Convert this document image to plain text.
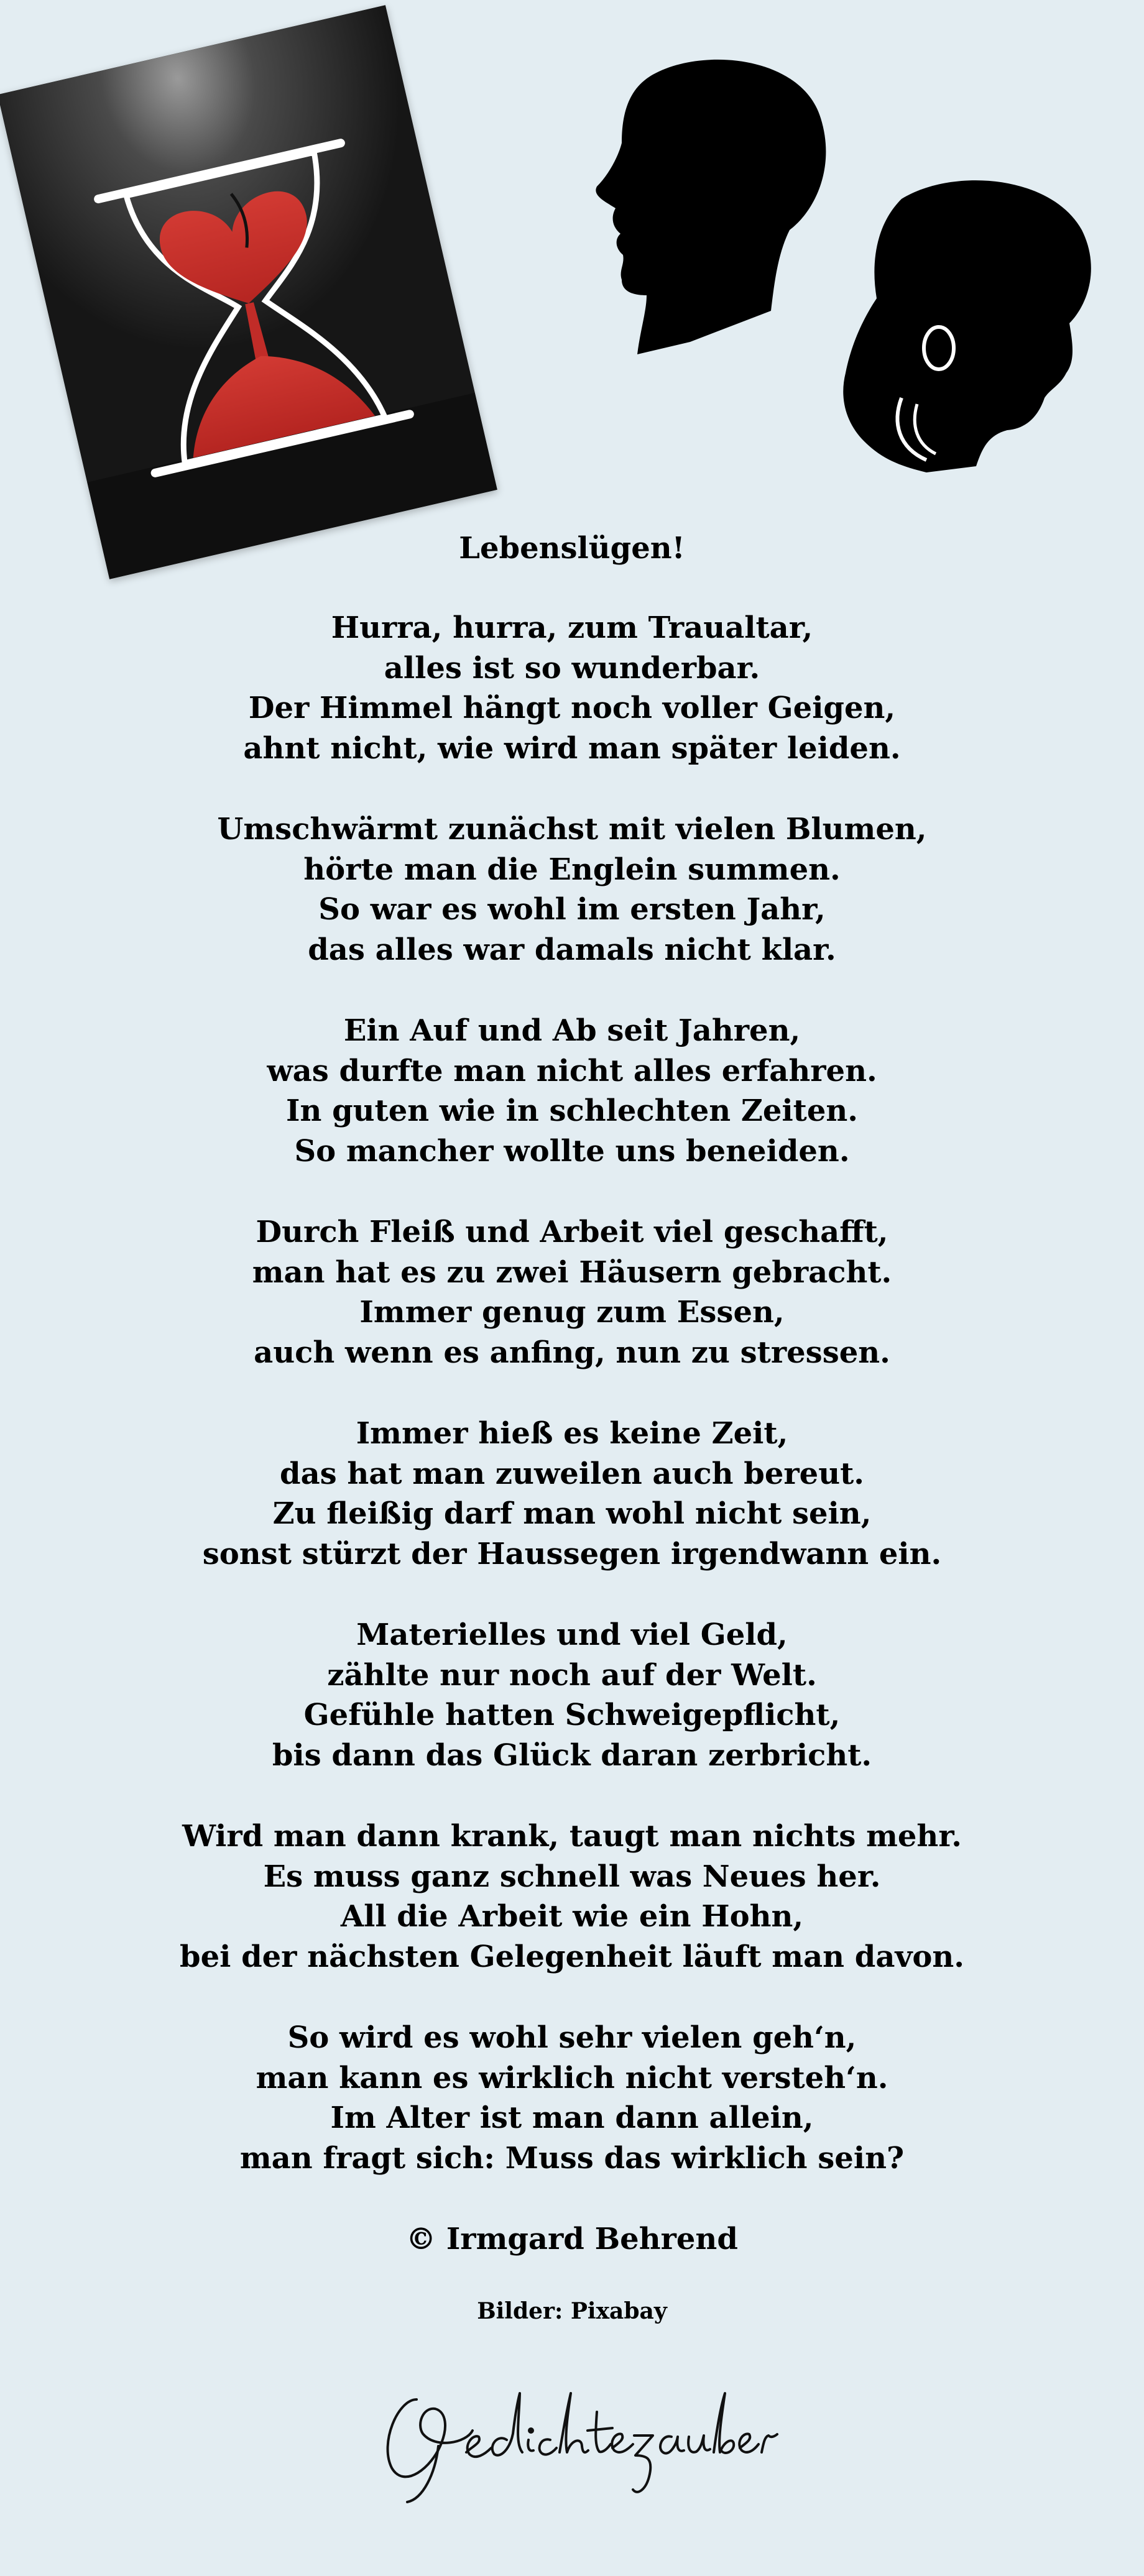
Lebenslügen!
Hurra, hurra, zum Traualtar,
alles ist so wunderbar.
Der Himmel hängt noch voller Geigen,
ahnt nicht, wie wird man später leiden.
Umschwärmt zunächst mit vielen Blumen,
hörte man die Englein summen.
So war es wohl im ersten Jahr,
das alles war damals nicht klar.
Ein Auf und Ab seit Jahren,
was durfte man nicht alles erfahren.
In guten wie in schlechten Zeiten.
So mancher wollte uns beneiden.
Durch Fleiß und Arbeit viel geschafft,
man hat es zu zwei Häusern gebracht.
Immer genug zum Essen,
auch wenn es anfing, nun zu stressen.
Immer hieß es keine Zeit,
das hat man zuweilen auch bereut.
Zu fleißig darf man wohl nicht sein,
sonst stürzt der Haussegen irgendwann ein.
Materielles und viel Geld,
zählte nur noch auf der Welt.
Gefühle hatten Schweigepflicht,
bis dann das Glück daran zerbricht.
Wird man dann krank, taugt man nichts mehr.
Es muss ganz schnell was Neues her.
All die Arbeit wie ein Hohn,
bei der nächsten Gelegenheit läuft man davon.
So wird es wohl sehr vielen geh‘n,
man kann es wirklich nicht versteh‘n.
Im Alter ist man dann allein,
man fragt sich: Muss das wirklich sein?
© Irmgard Behrend
Bilder: Pixabay
